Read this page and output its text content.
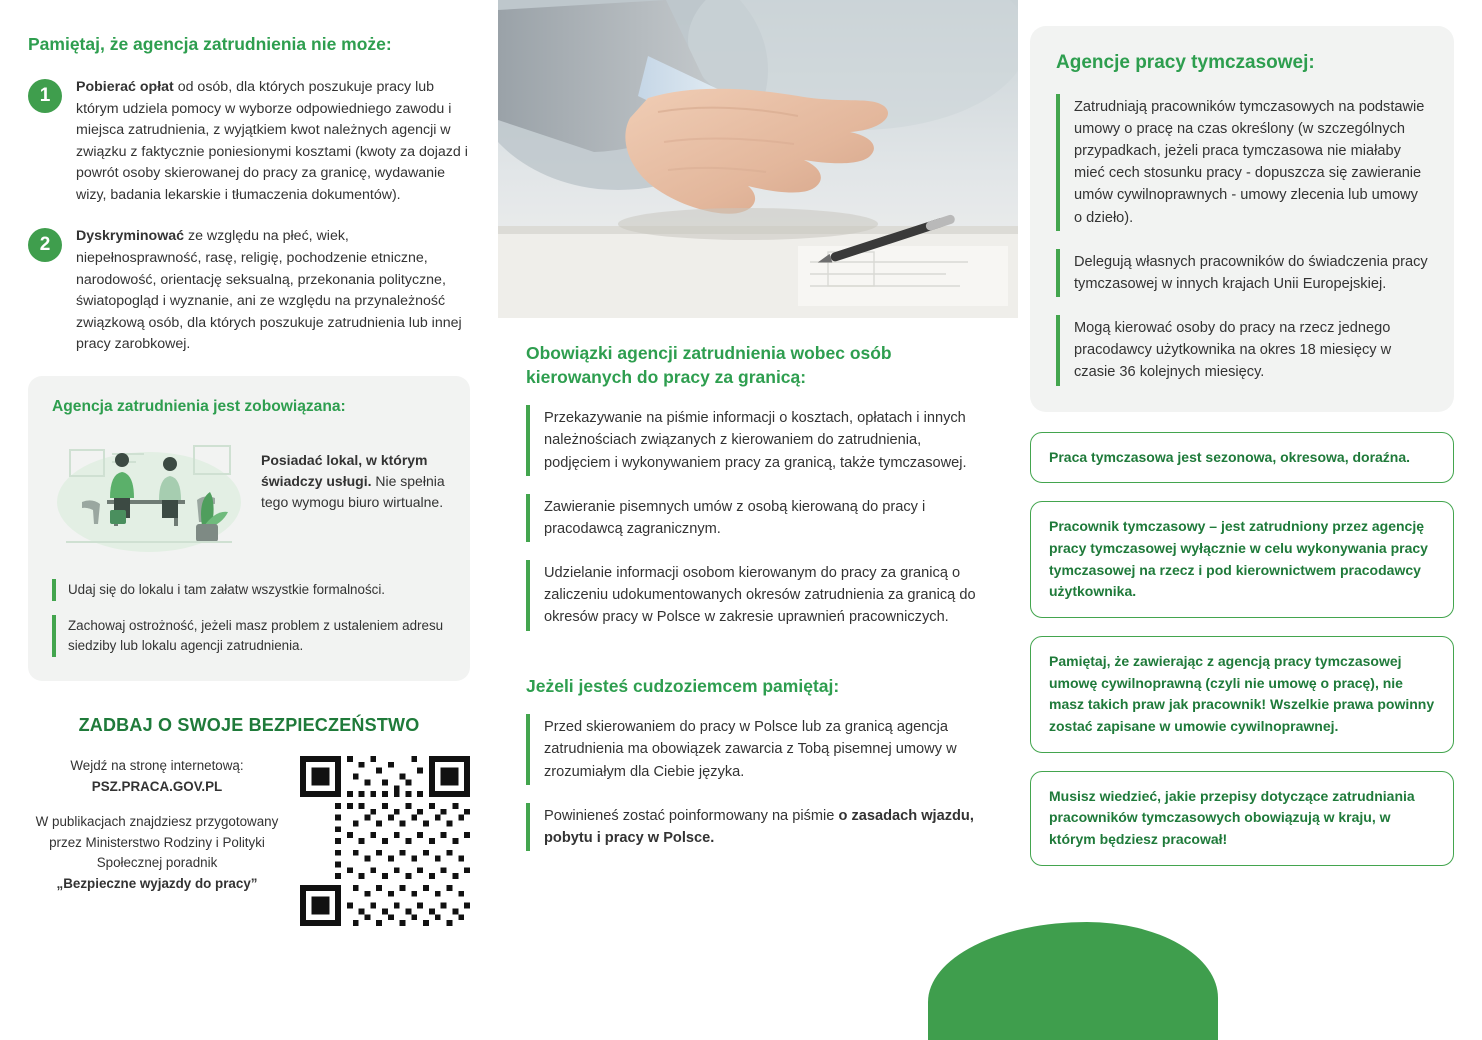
Pamiętaj, że agencja zatrudnienia nie może:
1	Pobierać opłat od osób, dla których poszukuje pracy lub którym udziela pomocy w wyborze odpowiedniego zawodu i miejsca zatrudnienia, z wyjątkiem kwot należnych agencji w związku z faktycznie poniesionymi kosztami (kwoty za dojazd i powrót osoby skierowanej do pracy za granicę, wydawanie wizy, badania lekarskie i tłumaczenia dokumentów).
2	Dyskryminować ze względu na płeć, wiek, niepełnosprawność, rasę, religię, pochodzenie etniczne, narodowość, orientację seksualną, przekonania polityczne, światopogląd i wyznanie, ani ze względu na przynależność związkową osób, dla których poszukuje zatrudnienia lub innej pracy zarobkowej.
Agencja zatrudnienia jest zobowiązana:
Posiadać lokal, w którym świadczy usługi. Nie spełnia tego wymogu biuro wirtualne.
Udaj się do lokalu i tam załatw wszystkie formalności.
Zachowaj ostrożność, jeżeli masz problem z ustaleniem adresu siedziby lub lokalu agencji zatrudnienia.
ZADBAJ O SWOJE BEZPIECZEŃSTWO
Wejdź na stronę internetową:
PSZ.PRACA.GOV.PL
W publikacjach znajdziesz przygotowany przez Ministerstwo Rodziny i Polityki Społecznej poradnik
„Bezpieczne wyjazdy do pracy”
Obowiązki agencji zatrudnienia wobec osób kierowanych do pracy za granicą:
Przekazywanie na piśmie informacji o kosztach, opłatach i innych należnościach związanych z kierowaniem do zatrudnienia, podjęciem i wykonywaniem pracy za granicą, także tymczasowej.
Zawieranie pisemnych umów z osobą kierowaną do pracy i pracodawcą zagranicznym.
Udzielanie informacji osobom kierowanym do pracy za granicą o zaliczeniu udokumentowanych okresów zatrudnienia za granicą do okresów pracy w Polsce w zakresie uprawnień pracowniczych.
Jeżeli jesteś cudzoziemcem pamiętaj:
Przed skierowaniem do pracy w Polsce lub za granicą agencja zatrudnienia ma obowiązek zawarcia z Tobą pisemnej umowy w zrozumiałym dla Ciebie języka.
Powinieneś zostać poinformowany na piśmie o zasadach wjazdu, pobytu i pracy w Polsce.
Agencje pracy tymczasowej:
Zatrudniają pracowników tymczasowych na podstawie umowy o pracę na czas określony (w szczególnych przypadkach, jeżeli praca tymczasowa nie miałaby mieć cech stosunku pracy - dopuszcza się zawieranie umów cywilnoprawnych - umowy zlecenia lub umowy o dzieło).
Delegują własnych pracowników do świadczenia pracy tymczasowej w innych krajach Unii Europejskiej.
Mogą kierować osoby do pracy na rzecz jednego pracodawcy użytkownika na okres 18 miesięcy w czasie 36 kolejnych miesięcy.
Praca tymczasowa jest sezonowa, okresowa, doraźna.
Pracownik tymczasowy – jest zatrudniony przez agencję pracy tymczasowej wyłącznie w celu wykonywania pracy tymczasowej na rzecz i pod kierownictwem pracodawcy użytkownika.
Pamiętaj, że zawierając z agencją pracy tymczasowej umowę cywilnoprawną (czyli nie umowę o pracę), nie masz takich praw jak pracownik! Wszelkie prawa powinny zostać zapisane w umowie cywilnoprawnej.
Musisz wiedzieć, jakie przepisy dotyczące zatrudniania pracowników tymczasowych obowiązują w kraju, w którym będziesz pracował!
